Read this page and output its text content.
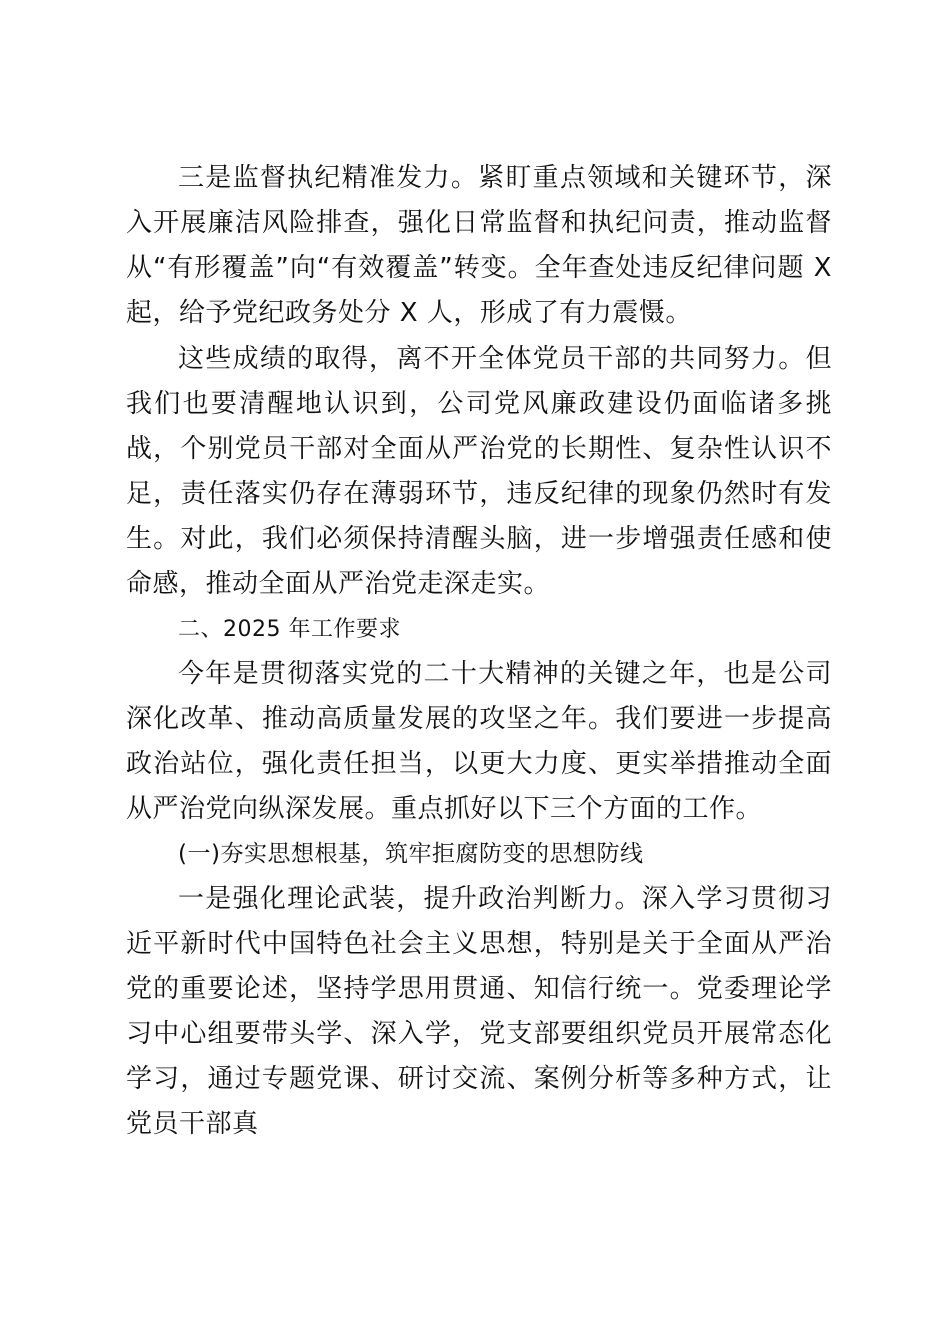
三是监督执纪精准发力。紧盯重点领域和关键环节，深入开展廉洁风险排查，强化日常监督和执纪问责，推动监督从“有形覆盖”向“有效覆盖”转变。全年查处违反纪律问题 X 起，给予党纪政务处分 X 人，形成了有力震慑。

这些成绩的取得，离不开全体党员干部的共同努力。但我们也要清醒地认识到，公司党风廉政建设仍面临诸多挑战，个别党员干部对全面从严治党的长期性、复杂性认识不足，责任落实仍存在薄弱环节，违反纪律的现象仍然时有发生。对此，我们必须保持清醒头脑，进一步增强责任感和使命感，推动全面从严治党走深走实。

二、2025 年工作要求

今年是贯彻落实党的二十大精神的关键之年，也是公司深化改革、推动高质量发展的攻坚之年。我们要进一步提高政治站位，强化责任担当，以更大力度、更实举措推动全面从严治党向纵深发展。重点抓好以下三个方面的工作。

(一)夯实思想根基，筑牢拒腐防变的思想防线

一是强化理论武装，提升政治判断力。深入学习贯彻习近平新时代中国特色社会主义思想，特别是关于全面从严治党的重要论述，坚持学思用贯通、知信行统一。党委理论学习中心组要带头学、深入学，党支部要组织党员开展常态化学习，通过专题党课、研讨交流、案例分析等多种方式，让党员干部真
